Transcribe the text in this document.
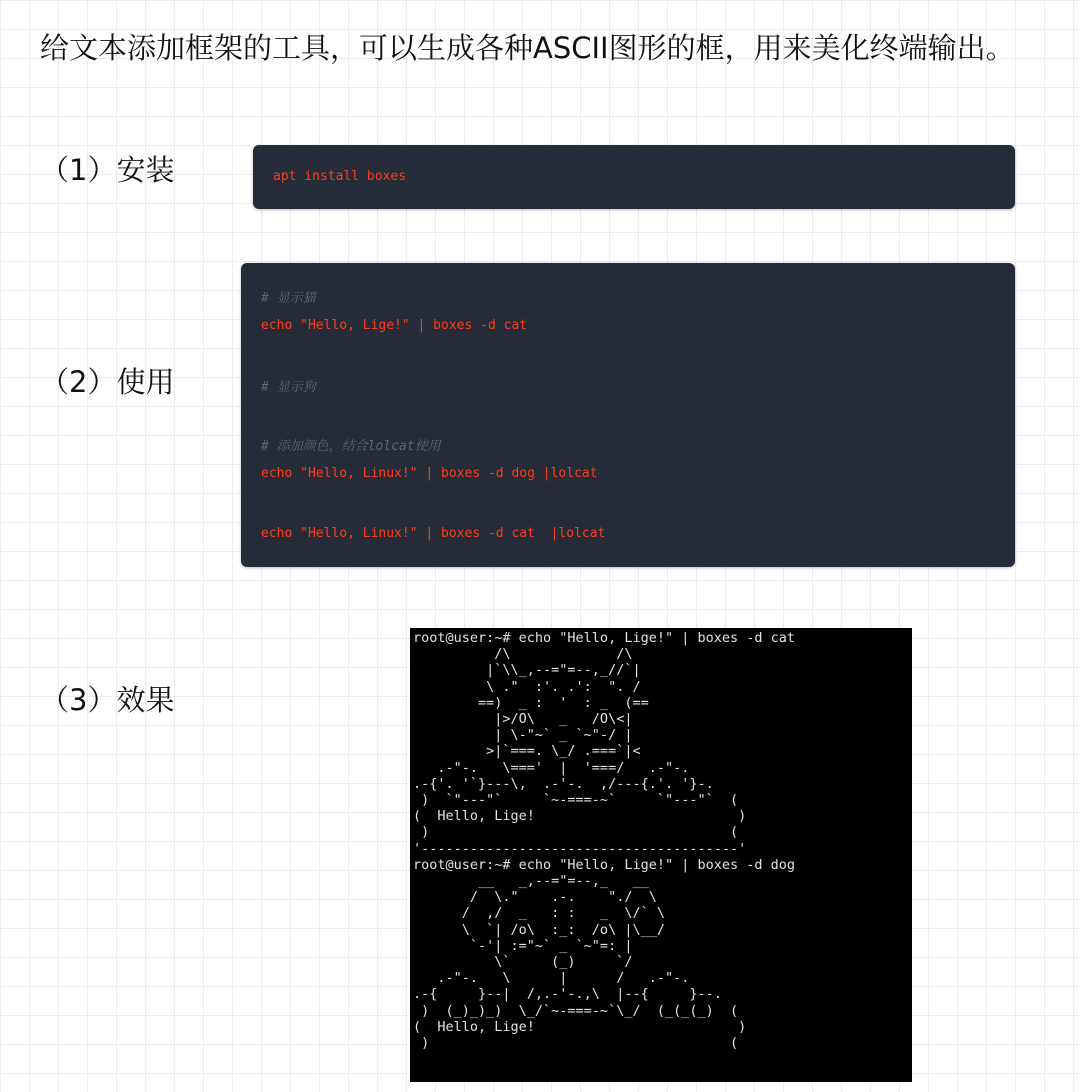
给文本添加框架的工具，可以生成各种ASCII图形的框，用来美化终端输出。
（1）安装	apt install boxes
（2）使用
# 显示猫
echo "Hello, Lige!" | boxes -d cat
# 显示狗
# 添加颜色，结合lolcat使用
echo "Hello, Linux!" | boxes -d dog |lolcat
echo "Hello, Linux!" | boxes -d cat  |lolcat
（3）效果
root@user:~# echo "Hello, Lige!" | boxes -d cat
/\             /\
|`\\_,--="=--,_//`|
\ ."  :'. .':  ". /
==)  _ :  '  : _  (==
|>/O\   _   /O\<|
| \-"~` _ `~"-/ |
>|`===. \_/ .===`|<
.-"-.   \==='  |  '===/   .-"-.
.-{'. '`}---\,  .-'-.  ,/---{.'. '}-.
)  `"---"`     `~-===-~`     `"---"`  (
(  Hello, Lige!                         )
)                                     (
'---------------------------------------'
root@user:~# echo "Hello, Lige!" | boxes -d dog
__   _,--="=--,_   __
/  \."    .-.    "./  \
/  ,/  _   : :   _  \/` \
\  `| /o\  :_:  /o\ |\__/
`-'| :="~` _ `~"=: |
\`     (_)     `/
.-"-.   \      |      /   .-"-.
.-{     }--|  /,.-'-.,\  |--{     }--.
)  (_)_)_)  \_/`~-===-~`\_/  (_(_(_)  (
(  Hello, Lige!                         )
)                                     (
